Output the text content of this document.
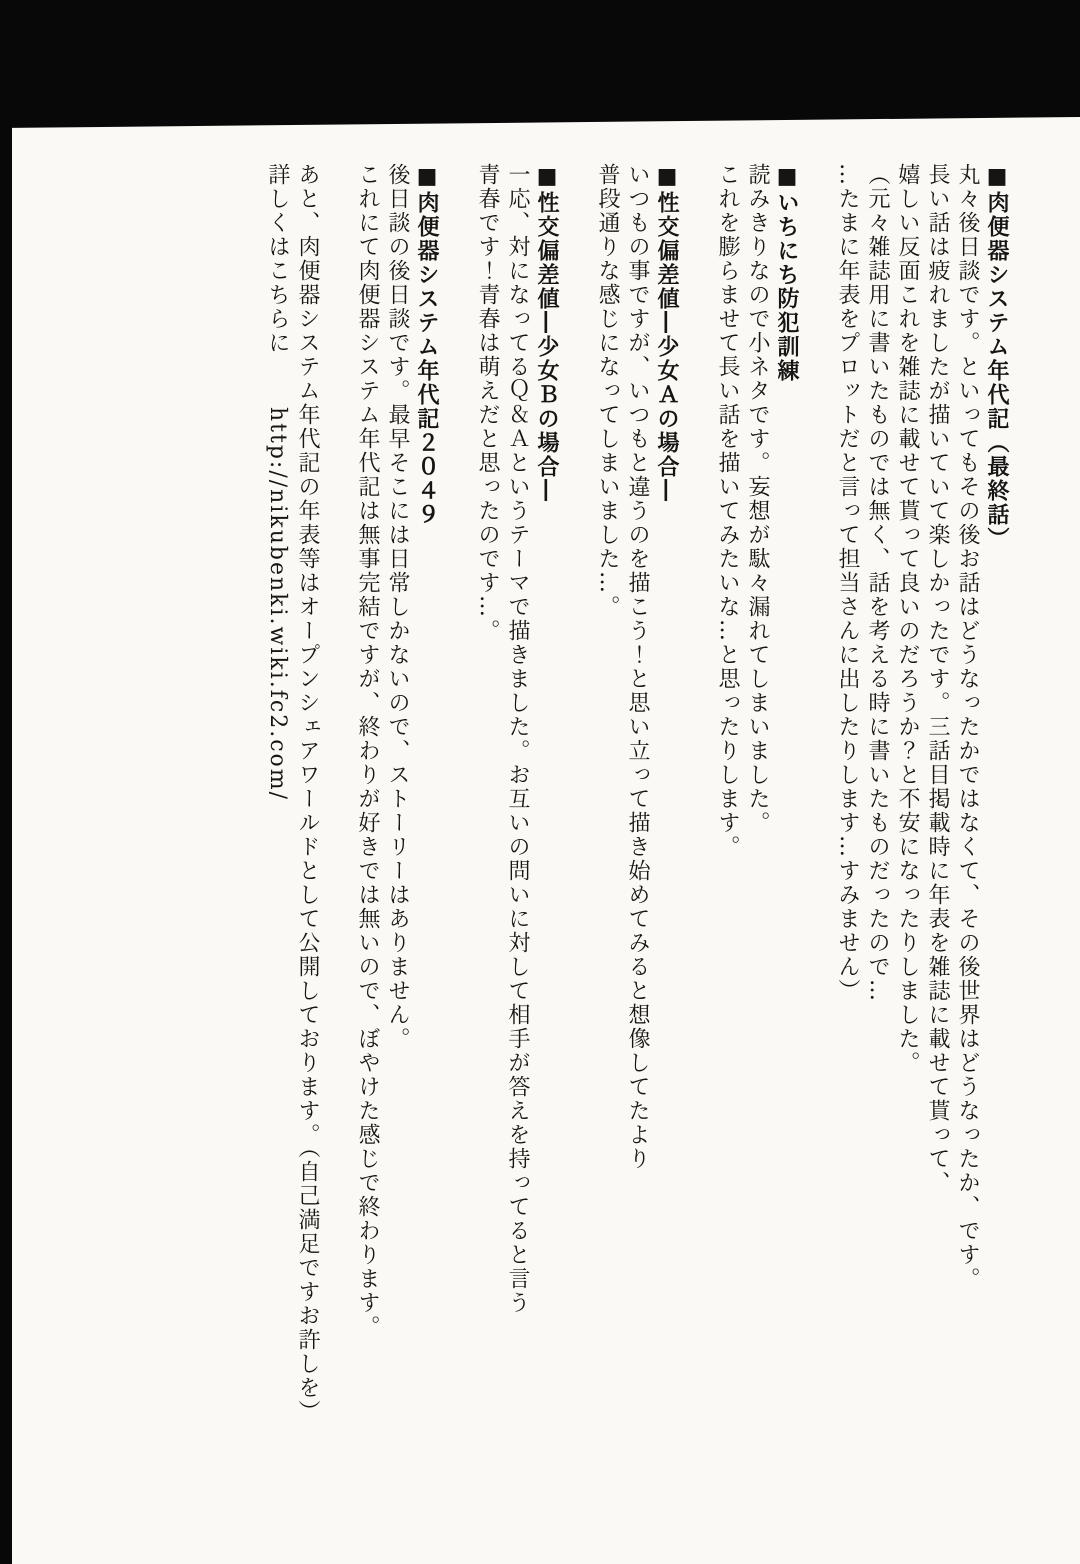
■肉便器システム年代記（最終話）

丸々後日談です。といってもその後お話はどうなったかではなくて、その後世界はどうなったか、です。

長い話は疲れましたが描いていて楽しかったです。三話目掲載時に年表を雑誌に載せて貰って、

嬉しい反面これを雑誌に載せて貰って良いのだろうか？と不安になったりしました。

（元々雑誌用に書いたものでは無く、話を考える時に書いたものだったので…

…たまに年表をプロットだと言って担当さんに出したりします…すみません）

■いちにち防犯訓練

読みきりなので小ネタです。妄想が駄々漏れてしまいました。

これを膨らませて長い話を描いてみたいな…と思ったりします。

■性交偏差値―少女Ａの場合―

いつもの事ですが、いつもと違うのを描こう！と思い立って描き始めてみると想像してたより

普段通りな感じになってしまいました…。

■性交偏差値―少女Ｂの場合―

一応、対になってるＱ＆Ａというテーマで描きました。お互いの問いに対して相手が答えを持ってると言う

青春です！青春は萌えだと思ったのです…。

■肉便器システム年代記２０４９

後日談の後日談です。最早そこには日常しかないので、ストーリーはありません。

これにて肉便器システム年代記は無事完結ですが、終わりが好きでは無いので、ぼやけた感じで終わります。

あと、肉便器システム年代記の年表等はオープンシェアワールドとして公開しております。（自己満足ですお許しを）

詳しくはこちらにhttp://nikubenki.wiki.fc2.com/
